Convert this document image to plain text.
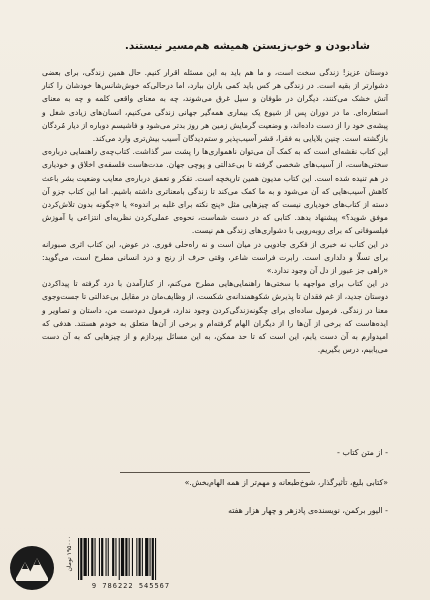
شادبودن و خوب‌زیستن همیشه هم‌مسیر نیستند.

دوستان عزیز! زندگی سخت است، و ما هم باید به این مسئله اقرار کنیم. حال همین زندگی، برای بعضی دشوارتر از بقیه است. در زندگی هر کس باید کمی باران ببارد، اما درحالی‌که خوش‌شانس‌ها خودشان را کنار آتش خشک می‌کنند، دیگران در طوفان و سیل غرق می‌شوند، چه به معنای واقعی کلمه و چه به معنای استعاره‌ای. ما در دوران پس از شیوع یک بیماری همه‌گیر جهانی زندگی می‌کنیم، انسان‌های زیادی شغل و پیشه‌ی خود را از دست داده‌اند، و وضعیت گرمایش زمین هر روز بدتر می‌شود و فاشیسم دوباره از دیار مُردگان بازگشته است. چنین بلایایی به فقرا، قشر آسیب‌پذیر و ستم‌دیدگان آسیب بیش‌تری وارد می‌کند.

این کتاب نقشه‌ای است که به کمک آن می‌توان ناهمواری‌ها را پشت سر گذاشت. کتاب‌چه‌ی راهنمایی درباره‌ی سختی‌هاست، از آسیب‌های شخصی گرفته تا بی‌عدالتی و پوچی جهان. مدت‌هاست فلسفه‌ی اخلاق و خودیاری در هم تنیده شده است. این کتاب مدیون همین تاریخچه است. تفکر و تعمق درباره‌ی معایب وضعیت بشر باعث کاهش آسیب‌هایی که آن می‌شود و به ما کمک می‌کند تا زندگی بامعناتری داشته باشیم. اما این کتاب جزو آن دسته از کتاب‌های خودیاری نیست که چیزهایی مثل «پنج نکته برای غلبه بر اندوه» یا «چگونه بدون تلاش‌کردن موفق شوید؟» پیشنهاد بدهد. کتابی که در دست شماست، نحوه‌ی عملی‌کردن نظریه‌ای انتزاعی یا آموزش فیلسوفانی که برای روبه‌رویی با دشواری‌های زندگی هم نیست.

در این کتاب نه خبری از فکری جادویی در میان است و نه راه‌حلی فوری. در عوض، این کتاب اثری صبورانه برای تسلّا و دلداری است. رابرت فراست شاعر، وقتی حرف از رنج و درد انسانی مطرح است، می‌گوید: «راهی جز عبور از دل آن وجود ندارد.»

در این کتاب برای مواجهه با سختی‌ها راهنمایی‌هایی مطرح می‌کنم، از کنارآمدن با درد گرفته تا پیدا‌کردن دوستان جدید، از غم فقدان تا پذیرش شکوهمندانه‌ی شکست، از وظایف‌مان در مقابل بی‌عدالتی تا جست‌وجوی معنا در زندگی. فرمول ساده‌ای برای چگونه‌زندگی‌کردن وجود ندارد، فرمول دم‌دست‌ من، داستان و تصاویر و ایده‌هاست که برخی از آن‌ها را از دیگران الهام گرفته‌ام و برخی از آن‌ها متعلق به خودم هستند. هدفی که امیدوارم به آن دست یابم، این است که تا حد ممکن، به این مسائل بپردازم و از چیزهایی که به آن دست می‌یابیم، درس بگیریم.

- از متن کتاب -
«کتابی بلیغ، تأثیرگذار، شوخ‌طبعانه و مهم‌تر از همه الهام‌بخش.»
- الیور برکمن، نویسنده‌ی پادزهر و چهار هزار هفته
۱۹۵۰۰۰ تومان
9 786222 545567
